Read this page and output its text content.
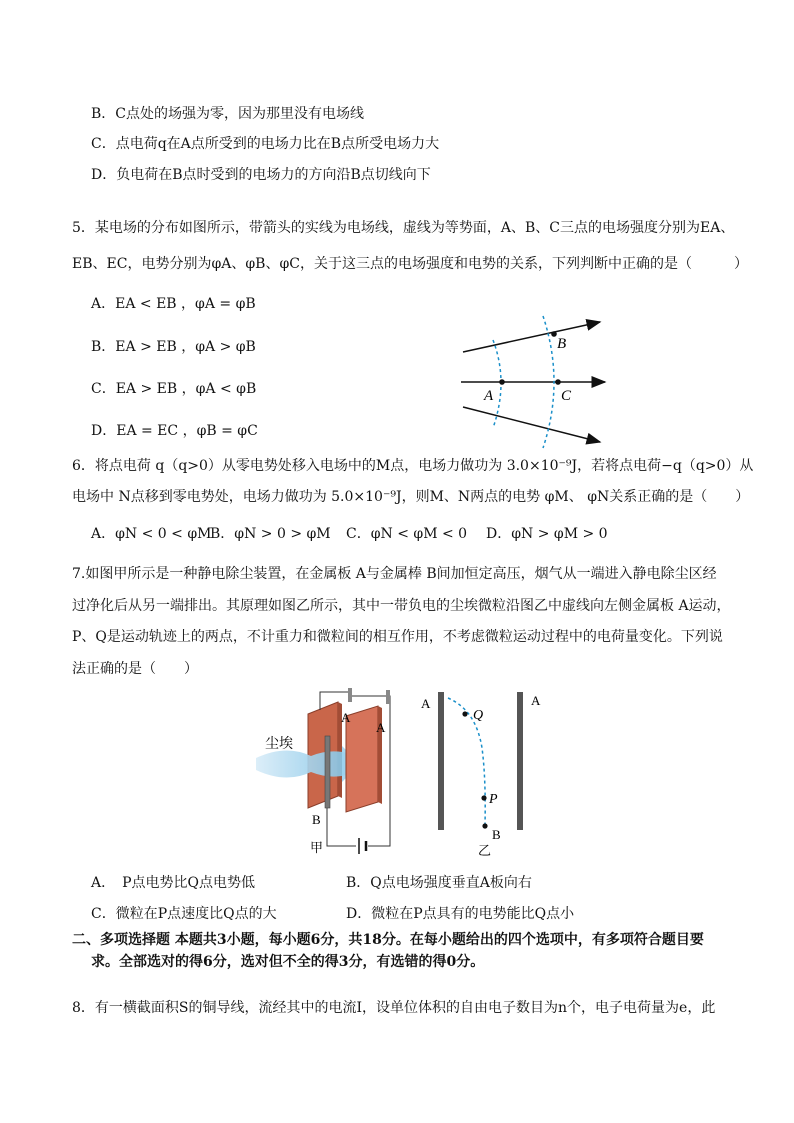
B．C点处的场强为零，因为那里没有电场线
C．点电荷q在A点所受到的电场力比在B点所受电场力大
D．负电荷在B点时受到的电场力的方向沿B点切线向下
5．某电场的分布如图所示，带箭头的实线为电场线，虚线为等势面，A、B、C三点的电场强度分别为EA、
EB、EC，电势分别为φA、φB、φC，关于这三点的电场强度和电势的关系，下列判断中正确的是（　　　）
A．EA < EB ，φA = φB
B．EA > EB ，φA > φB
C．EA > EB ，φA < φB
D．EA = EC ，φB = φC
A
B
C
6．将点电荷 q（q>0）从零电势处移入电场中的M点，电场力做功为 3.0×10⁻⁹J，若将点电荷−q（q>0）从
电场中 N点移到零电势处，电场力做功为 5.0×10⁻⁹J，则M、N两点的电势 φM、 φN关系正确的是（　　）
A．φN < 0 < φM
B．φN > 0 > φM C．φN < φM < 0 D．φN > φM > 0
7.如图甲所示是一种静电除尘装置，在金属板 A与金属棒 B间加恒定高压，烟气从一端进入静电除尘区经
过净化后从另一端排出。其原理如图乙所示，其中一带负电的尘埃微粒沿图乙中虚线向左侧金属板 A运动，
P、Q是运动轨迹上的两点，不计重力和微粒间的相互作用，不考虑微粒运动过程中的电荷量变化。下列说
法正确的是（　　）
尘埃
A
A
B
甲
A	A
Q
P
B
乙
A．　P点电势比Q点电势低	B．Q点电场强度垂直A板向右
C．微粒在P点速度比Q点的大	D．微粒在P点具有的电势能比Q点小
二、多项选择题 本题共3小题，每小题6分，共18分。在每小题给出的四个选项中，有多项符合题目要
求。全部选对的得6分，选对但不全的得3分，有选错的得0分。
8．有一横截面积S的铜导线，流经其中的电流I，设单位体积的自由电子数目为n个，电子电荷量为e，此
